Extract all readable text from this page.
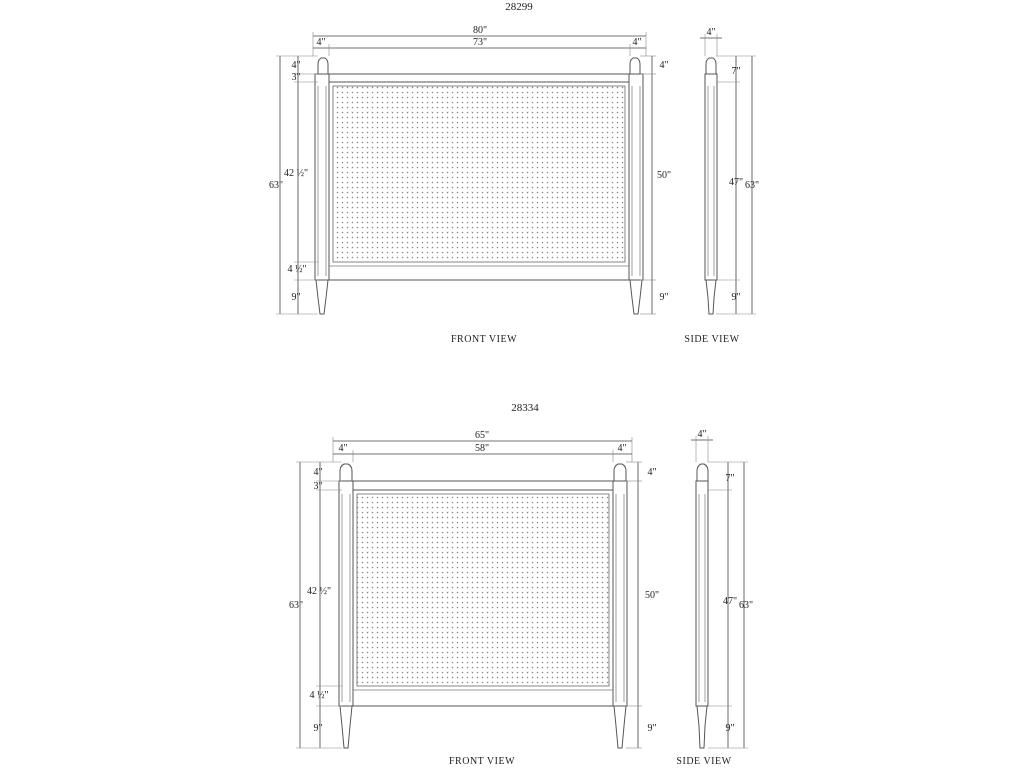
28299
80"
4"	73"	4"
63"
4"
3"
42 ½"
4 ½"
9"
4"
50"
9"
FRONT VIEW
4"
7"
47"
9"
63"
SIDE VIEW
28334
65"
4"	58"	4"
63"
4"
3"
42 ½"
4 ½"
9"
4"
50"
9"
FRONT VIEW
4"
7"
47"
9"
63"
SIDE VIEW
